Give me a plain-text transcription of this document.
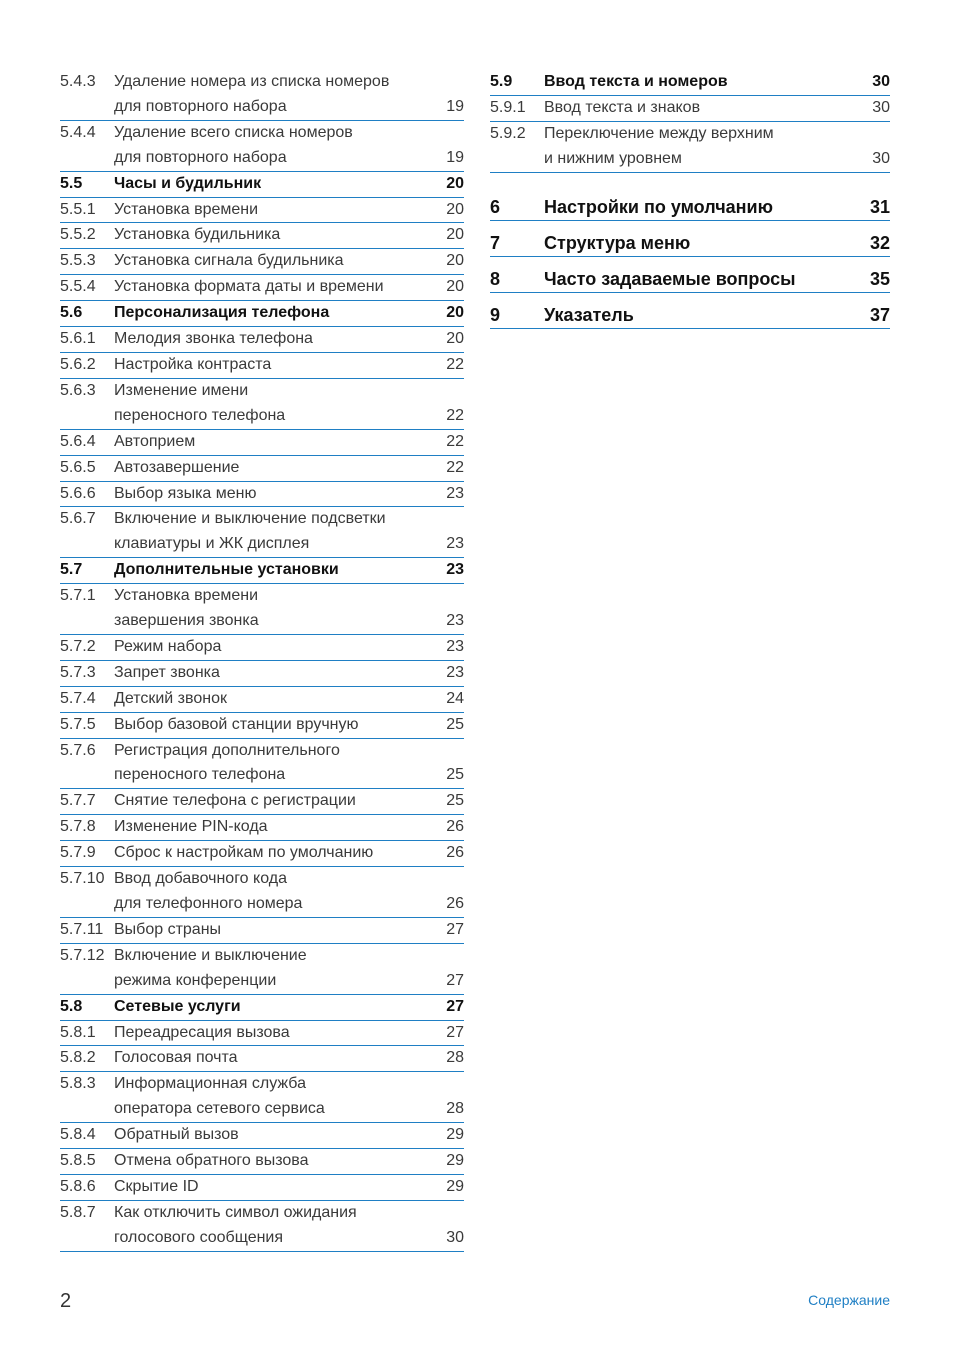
5.4.3	Удаление номера из списка номеров
для повторного набора	19
5.4.4	Удаление всего списка номеров
для повторного набора	19
5.5	Часы и будильник	20
5.5.1	Установка времени	20
5.5.2	Установка будильника	20
5.5.3	Установка сигнала будильника	20
5.5.4	Установка формата даты и времени	20
5.6	Персонализация телефона	20
5.6.1	Мелодия звонка телефона	20
5.6.2	Настройка контраста	22
5.6.3	Изменение имени
переносного телефона	22
5.6.4	Автоприем	22
5.6.5	Автозавершение	22
5.6.6	Выбор языка меню	23
5.6.7	Включение и выключение подсветки
клавиатуры и ЖК дисплея	23
5.7	Дополнительные установки	23
5.7.1	Установка времени
завершения звонка	23
5.7.2	Режим набора	23
5.7.3	Запрет звонка	23
5.7.4	Детский звонок	24
5.7.5	Выбор базовой станции вручную	25
5.7.6	Регистрация дополнительного
переносного телефона	25
5.7.7	Снятие телефона с регистрации	25
5.7.8	Изменение PIN-кода	26
5.7.9	Сброс к настройкам по умолчанию	26
5.7.10 Ввод добавочного кода
для телефонного номера	26
5.7.11 Выбор страны	27
5.7.12 Включение и выключение
режима конференции	27
5.8	Сетевые услуги	27
5.8.1	Переадресация вызова	27
5.8.2	Голосовая почта	28
5.8.3	Информационная служба
оператора сетевого сервиса	28
5.8.4	Обратный вызов	29
5.8.5	Отмена обратного вызова	29
5.8.6	Скрытие ID	29
5.8.7	Как отключить символ ожидания
голосового сообщения	30
5.9	Ввод текста и номеров	30
5.9.1	Ввод текста и знаков	30
5.9.2	Переключение между верхним
и нижним уровнем	30
6	Настройки по умолчанию	31
7	Структура меню	32
8	Часто задаваемые вопросы	35
9	Указатель	37
2	Содержание
